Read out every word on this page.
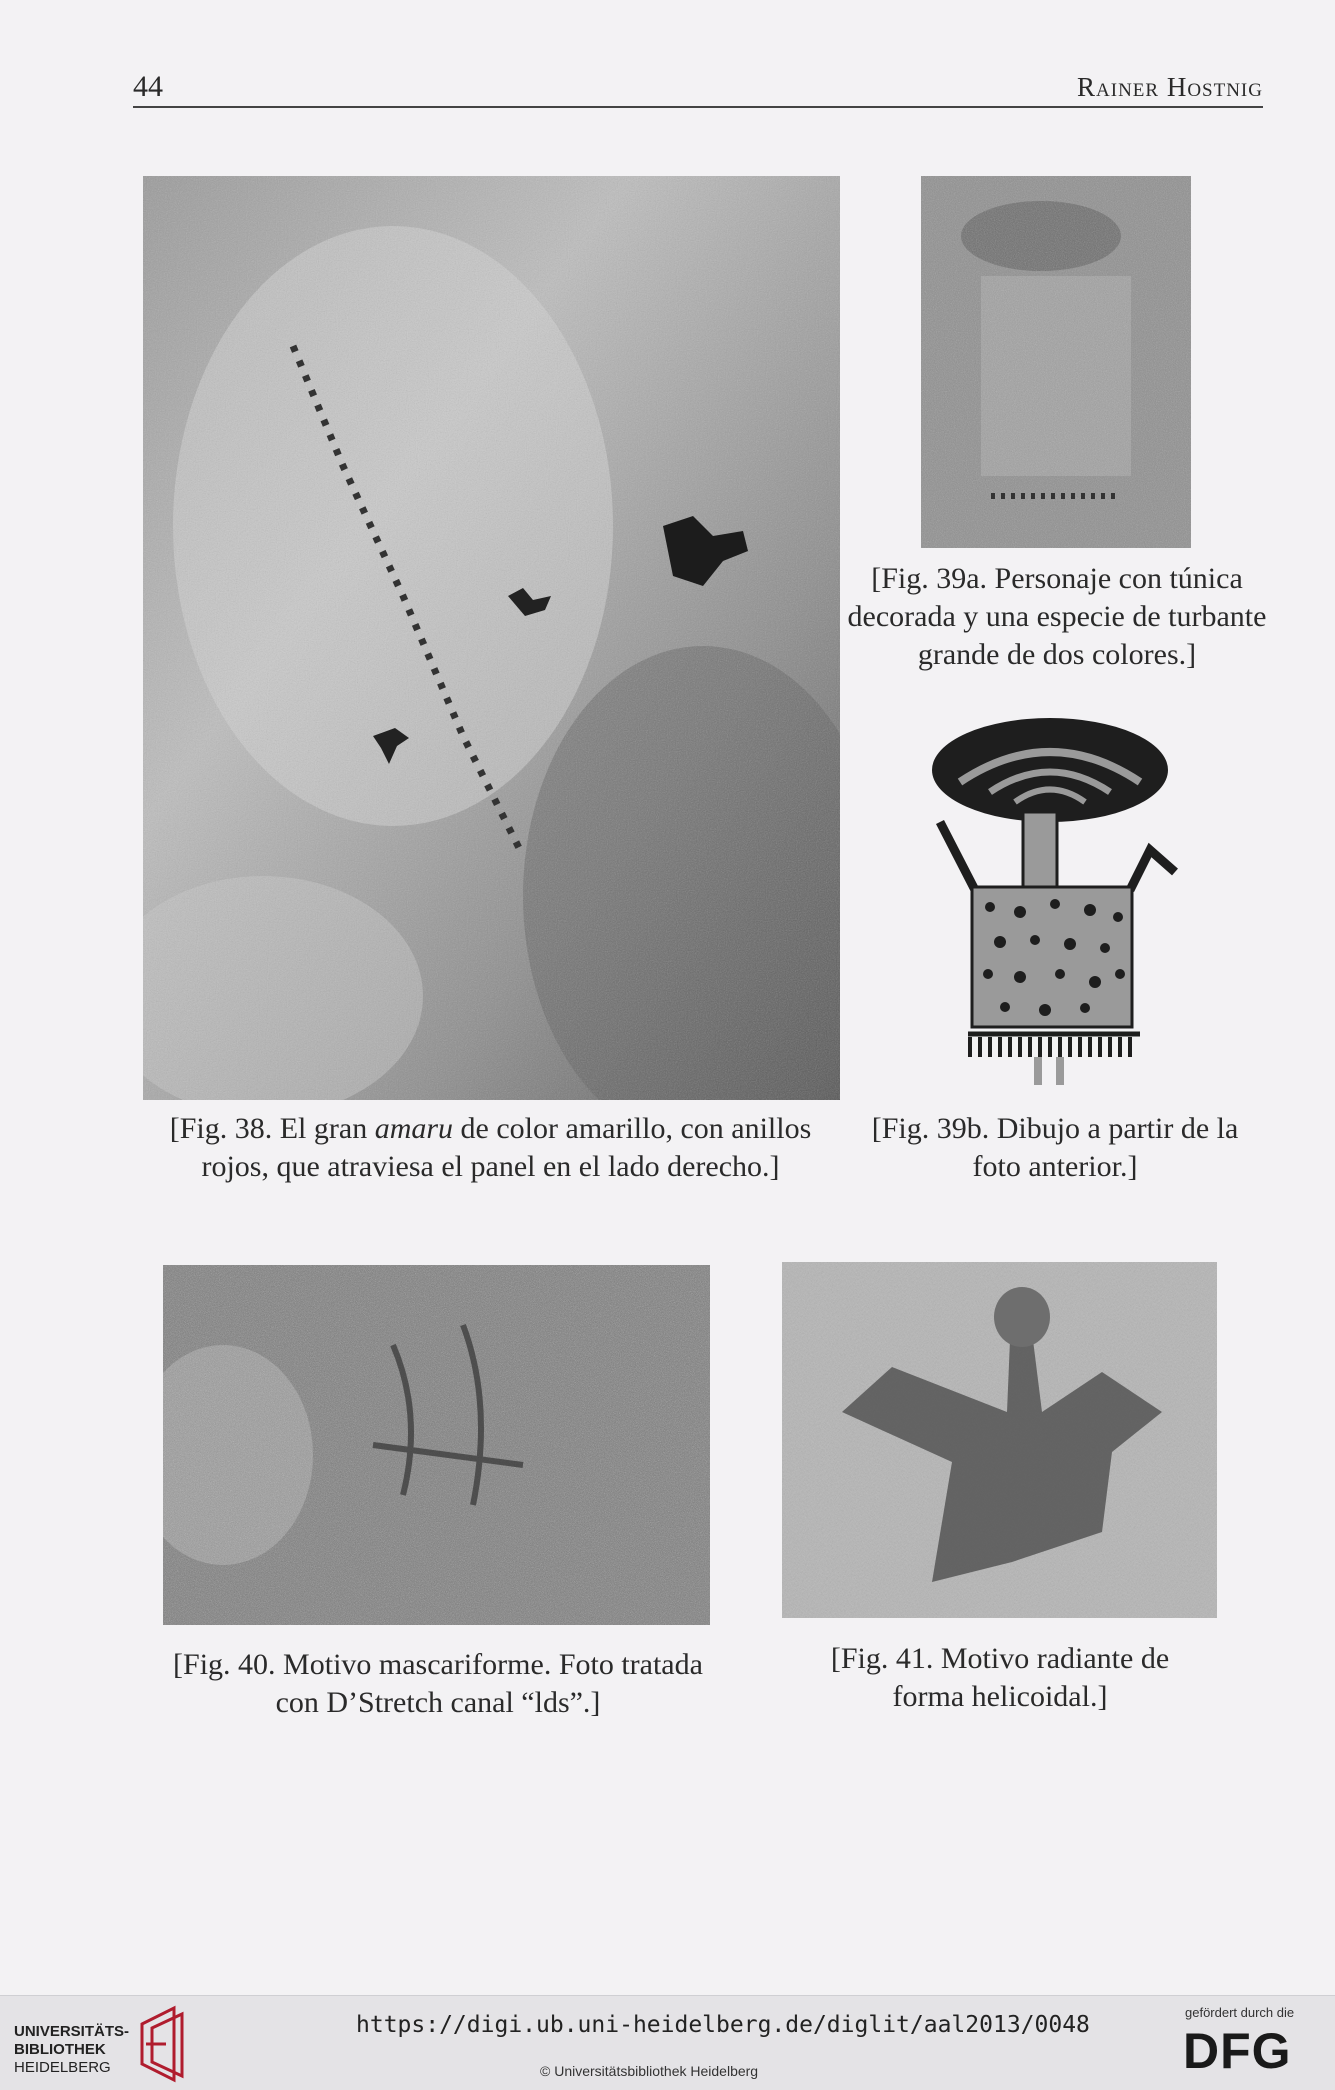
44	Rainer Hostnig
[Fig. 39a. Personaje con túnica decorada y una especie de turbante grande de dos colores.]
[Fig. 38. El gran amaru de color amarillo, con anillos rojos, que atraviesa el panel en el lado derecho.]
[Fig. 39b. Dibujo a partir de la foto anterior.]
[Fig. 40. Motivo mascariforme. Foto tratada con D’Stretch canal “lds”.]
[Fig. 41. Motivo radiante de forma helicoidal.]
UNIVERSITÄTS-
BIBLIOTHEK
HEIDELBERG
https://digi.ub.uni-heidelberg.de/diglit/aal2013/0048
© Universitätsbibliothek Heidelberg
gefördert durch die
DFG
